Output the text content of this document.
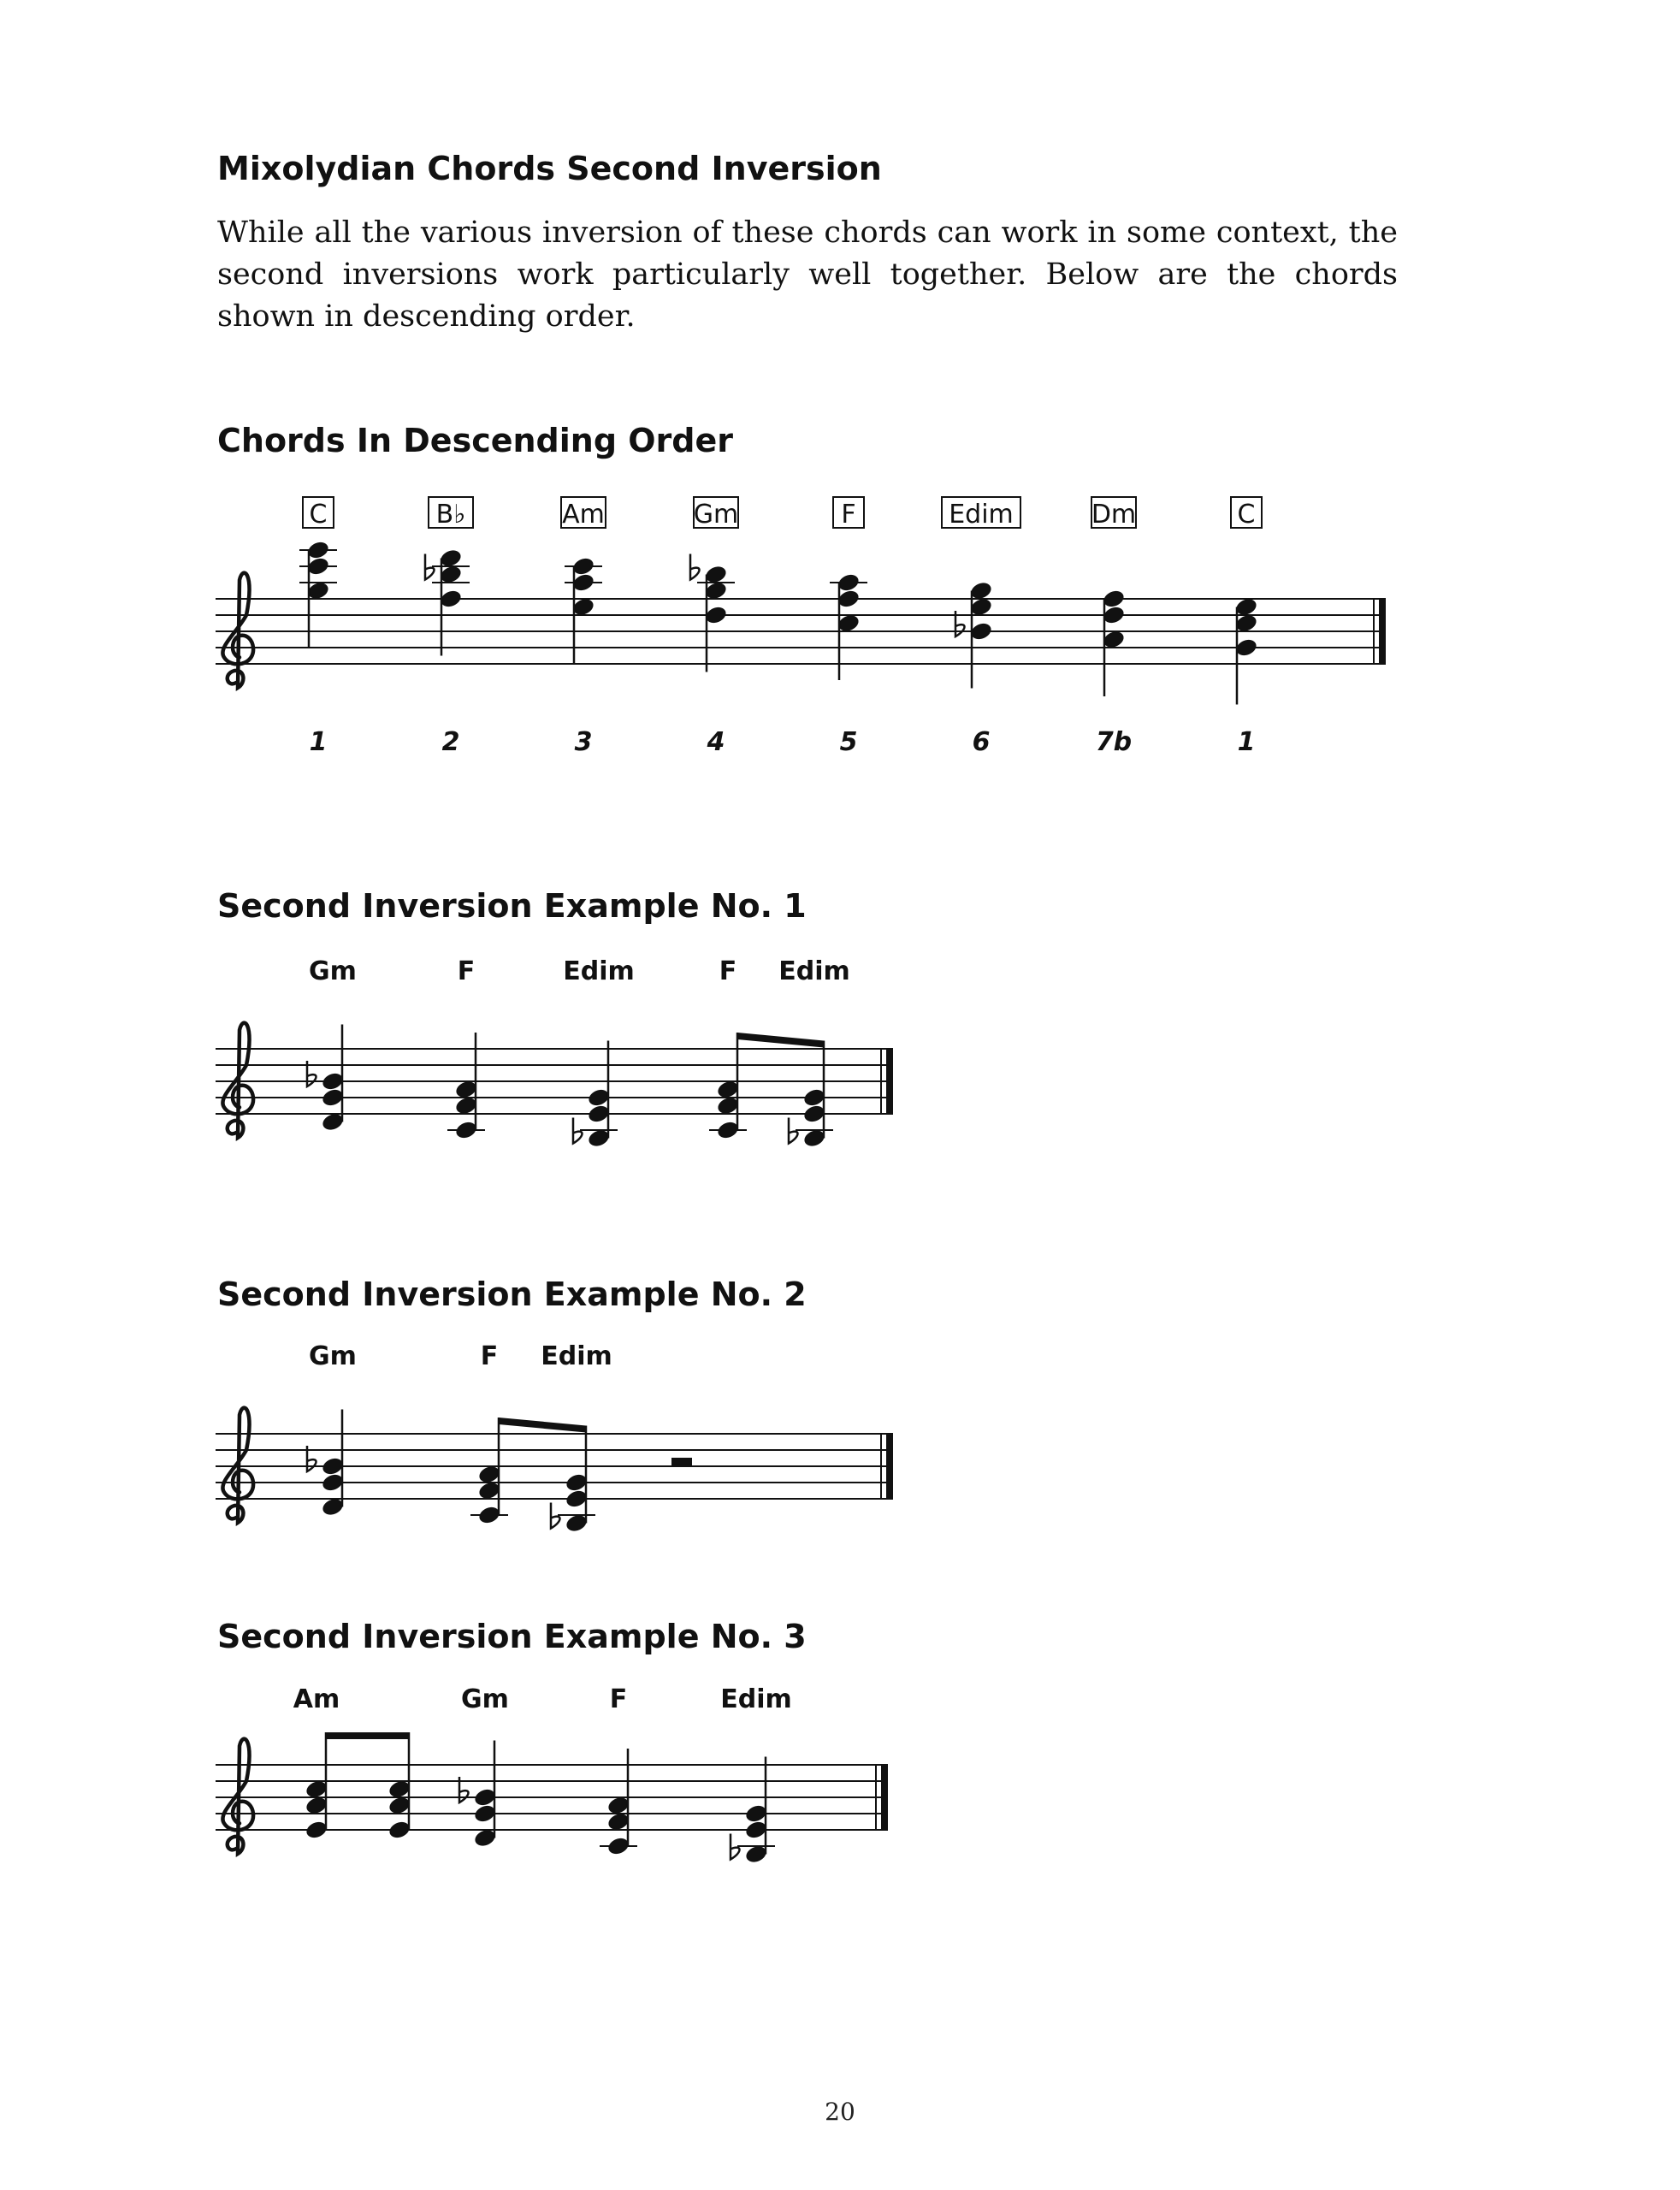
Mixolydian Chords Second Inversion

While all the various inversion of these chords can work in some context, the second inversions work particularly well together. Below are the chords shown in descending order.

Chords In Descending Order
C
1
B♭
2
Am
3
Gm
4
F
5
Edim
6
Dm
7b
C
1
Second Inversion Example No. 1
Gm	F	Edim	F Edim
Second Inversion Example No. 2
Gm	F Edim
Second Inversion Example No. 3
Am	Gm	F	Edim
20
